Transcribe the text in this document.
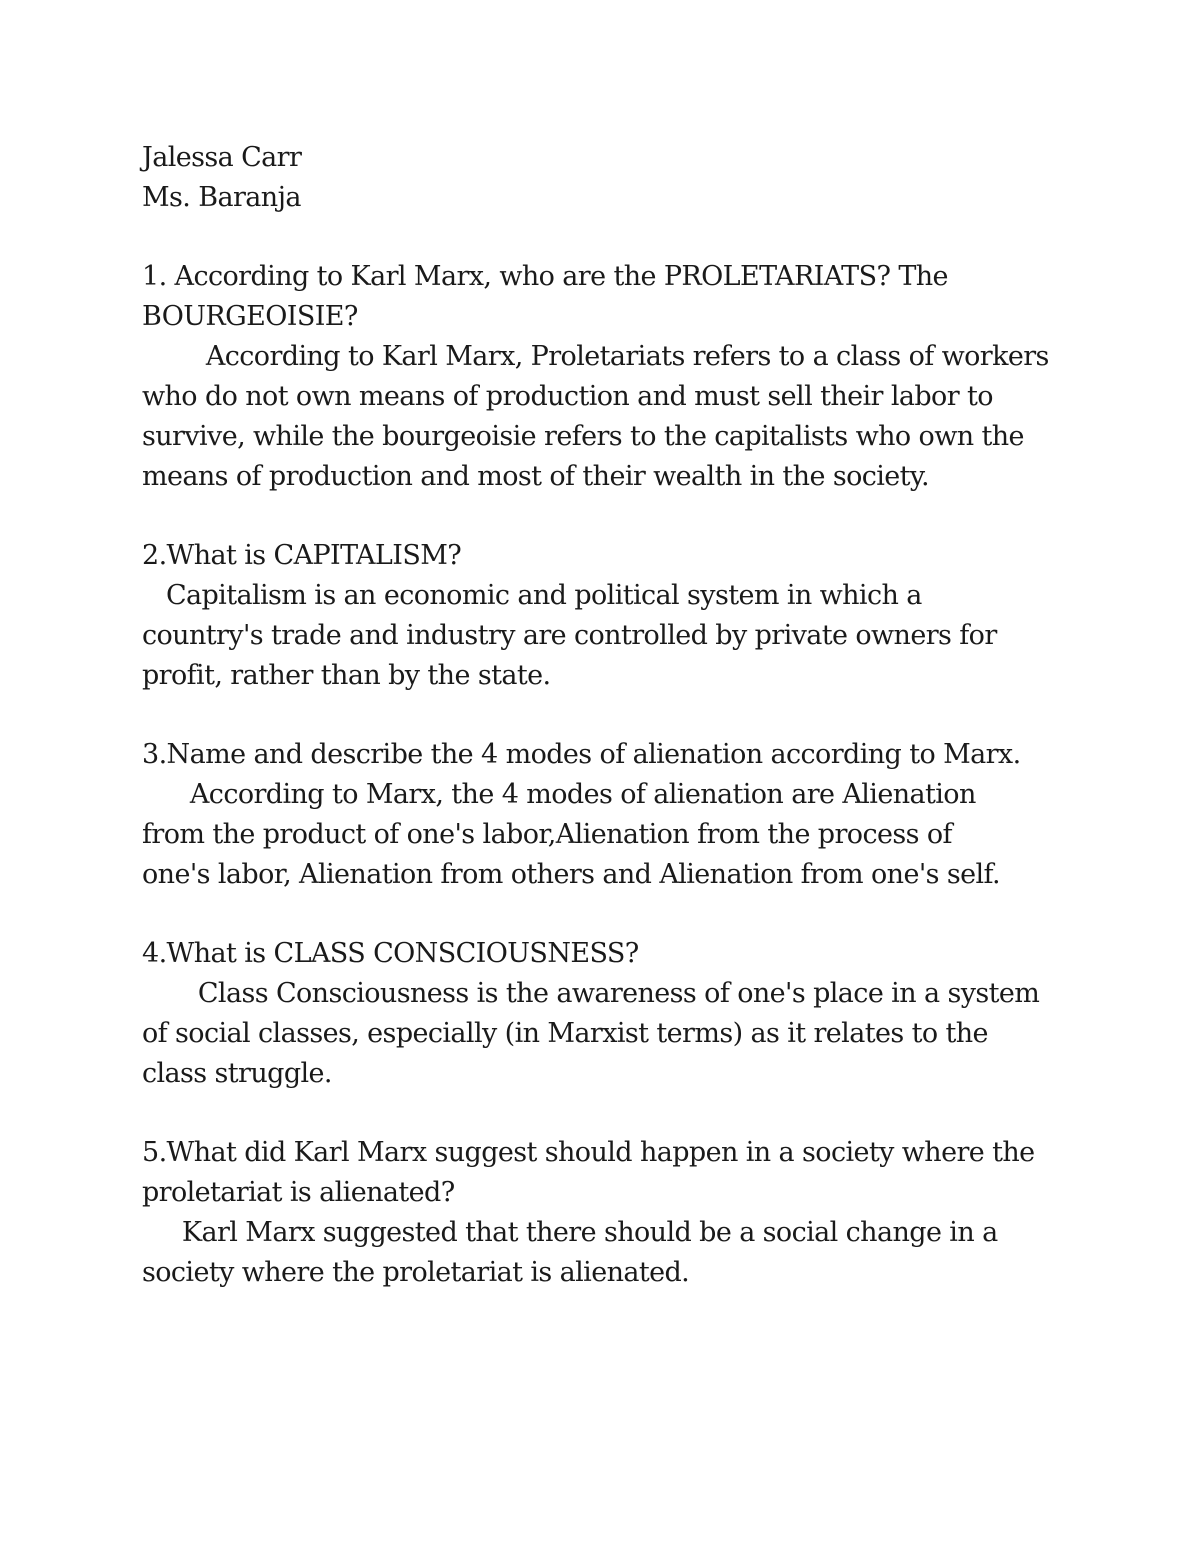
Jalessa Carr
Ms. Baranja
1. According to Karl Marx, who are the PROLETARIATS? The
BOURGEOISIE?
According to Karl Marx, Proletariats refers to a class of workers
who do not own means of production and must sell their labor to
survive, while the bourgeoisie refers to the capitalists who own the
means of production and most of their wealth in the society.
2.What is CAPITALISM?
Capitalism is an economic and political system in which a
country's trade and industry are controlled by private owners for
profit, rather than by the state.
3.Name and describe the 4 modes of alienation according to Marx.
According to Marx, the 4 modes of alienation are Alienation
from the product of one's labor,Alienation from the process of
one's labor, Alienation from others and Alienation from one's self.
4.What is CLASS CONSCIOUSNESS?
Class Consciousness is the awareness of one's place in a system
of social classes, especially (in Marxist terms) as it relates to the
class struggle.
5.What did Karl Marx suggest should happen in a society where the
proletariat is alienated?
Karl Marx suggested that there should be a social change in a
society where the proletariat is alienated.
